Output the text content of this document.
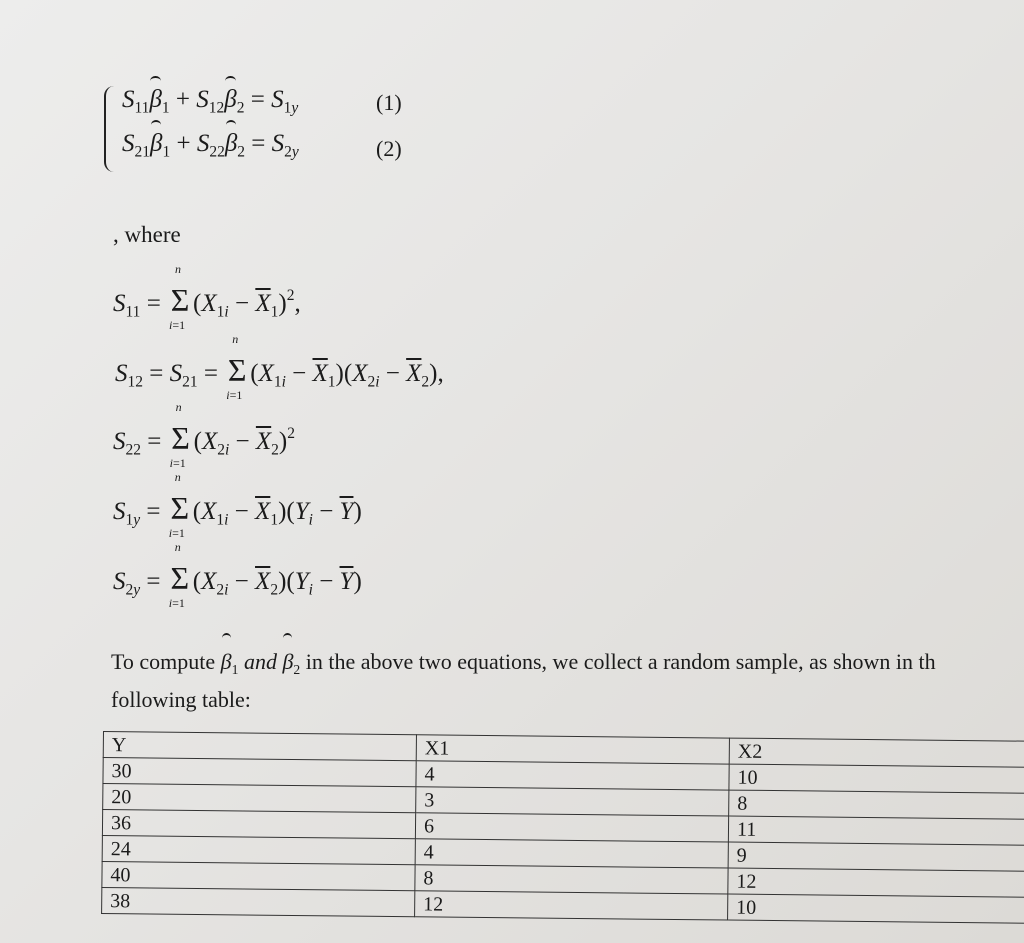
$S_{11}\beta_1 + S_{12}\beta_2 = S_{1y}$
$S_{21}\beta_1 + S_{22}\beta_2 = S_{2y}$
(1)
(2)
, where
$S_{11}$ =
n
Σ
i=1
$(X_{1i} - \overline{X}_1)^2$,
$S_{12} = S_{21}$ =
n
Σ
i=1
$(X_{1i} - \overline{X}_1)(X_{2i} - \overline{X}_2)$,
$S_{22}$ =
n
Σ
i=1
$(X_{2i} - \overline{X}_2)^2$
$S_{1y}$ =
n
Σ
i=1
$(X_{1i} - \overline{X}_1)(Y_i - \overline{Y})$
$S_{2y}$ =
n
Σ
i=1
$(X_{2i} - \overline{X}_2)(Y_i - \overline{Y})$
To compute $\beta_1$ and $\beta_2$ in the above two equations, we collect a random sample, as shown in th
following table:
Y	X1	X2
30	4	10
20	3	8
36	6	11
24	4	9
40	8	12
38	12	10
